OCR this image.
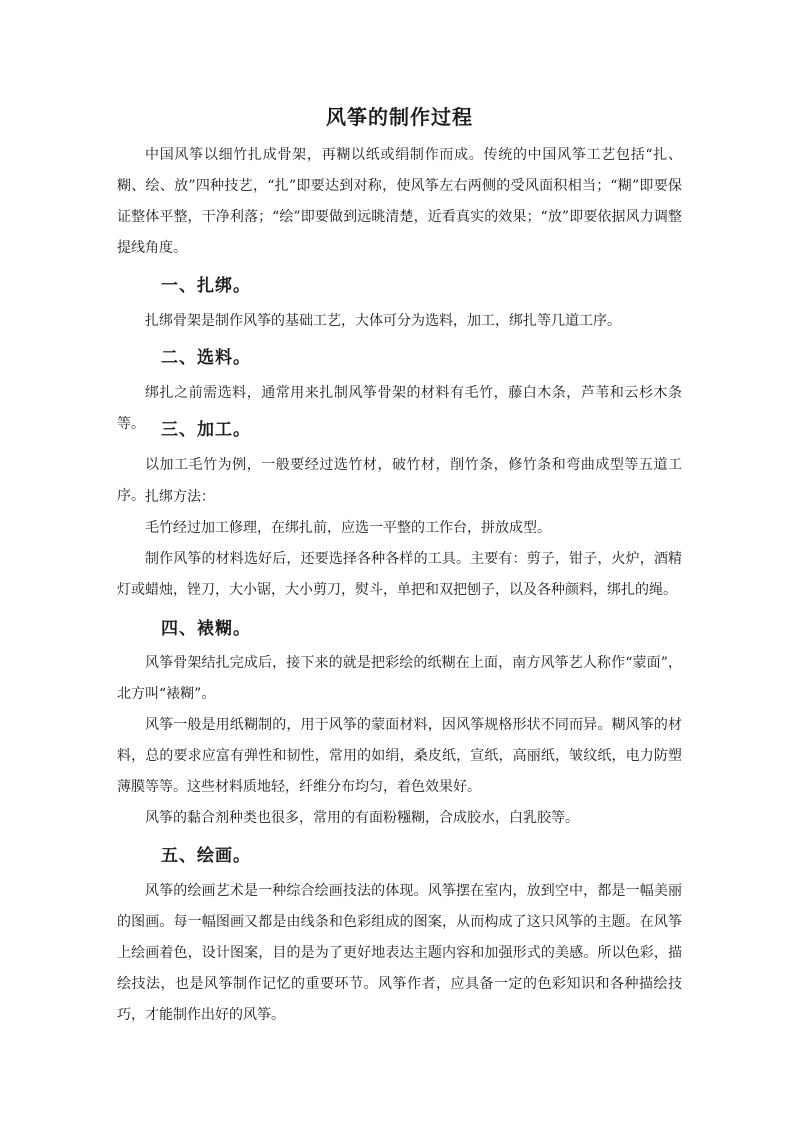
风筝的制作过程

中国风筝以细竹扎成骨架，再糊以纸或绢制作而成。传统的中国风筝工艺包括“扎、糊、绘、放”四种技艺，“扎”即要达到对称，使风筝左右两侧的受风面积相当；“糊”即要保证整体平整，干净利落；“绘”即要做到远眺清楚，近看真实的效果；“放”即要依据风力调整提线角度。

一、扎绑。

扎绑骨架是制作风筝的基础工艺，大体可分为选料，加工，绑扎等几道工序。

二、选料。

绑扎之前需选料，通常用来扎制风筝骨架的材料有毛竹，藤白木条，芦苇和云杉木条等。 三、加工。

以加工毛竹为例，一般要经过选竹材，破竹材，削竹条，修竹条和弯曲成型等五道工序。 扎绑方法：

毛竹经过加工修理，在绑扎前，应选一平整的工作台，拼放成型。

制作风筝的材料选好后，还要选择各种各样的工具。主要有：剪子，钳子，火炉，酒精灯或蜡烛，锉刀，大小锯，大小剪刀，熨斗，单把和双把刨子，以及各种颜料，绑扎的绳。

四、裱糊。

风筝骨架结扎完成后，接下来的就是把彩绘的纸糊在上面，南方风筝艺人称作“蒙面”，北方叫“裱糊”。

风筝一般是用纸糊制的，用于风筝的蒙面材料，因风筝规格形状不同而异。糊风筝的材料，总的要求应富有弹性和韧性，常用的如绢，桑皮纸，宣纸，高丽纸，皱纹纸，电力防塑薄膜等等。这些材料质地轻，纤维分布均匀，着色效果好。

风筝的黏合剂种类也很多，常用的有面粉糨糊，合成胶水，白乳胶等。

五、绘画。

风筝的绘画艺术是一种综合绘画技法的体现。风筝摆在室内，放到空中，都是一幅美丽的图画。每一幅图画又都是由线条和色彩组成的图案，从而构成了这只风筝的主题。在风筝上绘画着色，设计图案，目的是为了更好地表达主题内容和加强形式的美感。所以色彩，描绘技法，也是风筝制作记忆的重要环节。风筝作者，应具备一定的色彩知识和各种描绘技巧，才能制作出好的风筝。
